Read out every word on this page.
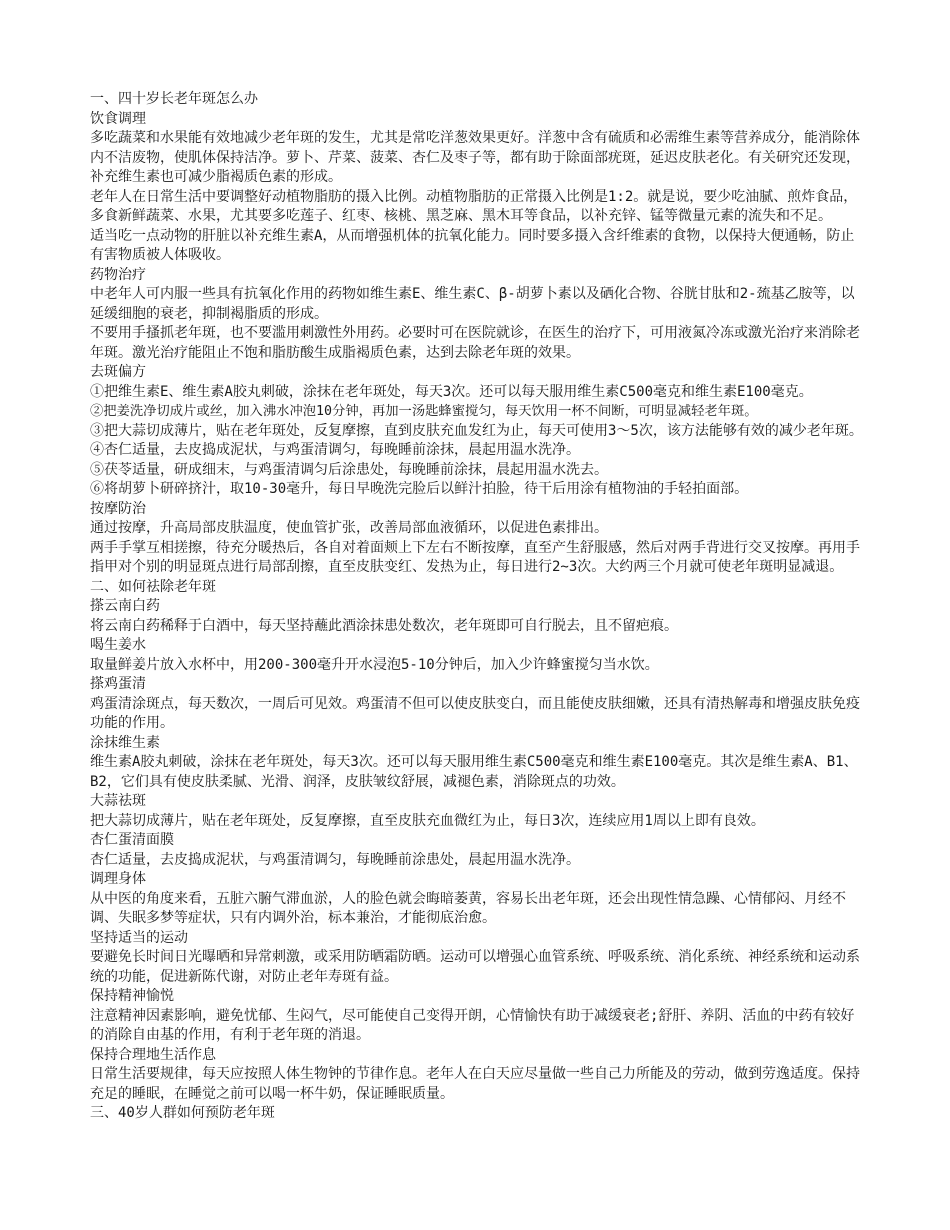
一、四十岁长老年斑怎么办

饮食调理

多吃蔬菜和水果能有效地减少老年斑的发生，尤其是常吃洋葱效果更好。洋葱中含有硫质和必需维生素等营养成分，能消除体内不洁废物，使肌体保持洁净。萝卜、芹菜、菠菜、杏仁及枣子等，都有助于除面部疣斑，延迟皮肤老化。有关研究还发现，补充维生素也可减少脂褐质色素的形成。

老年人在日常生活中要调整好动植物脂肪的摄入比例。动植物脂肪的正常摄入比例是1:2。就是说，要少吃油腻、煎炸食品，多食新鲜蔬菜、水果，尤其要多吃莲子、红枣、核桃、黑芝麻、黑木耳等食品，以补充锌、锰等微量元素的流失和不足。

适当吃一点动物的肝脏以补充维生素A，从而增强机体的抗氧化能力。同时要多摄入含纤维素的食物，以保持大便通畅，防止有害物质被人体吸收。

药物治疗

中老年人可内服一些具有抗氧化作用的药物如维生素E、维生素C、β-胡萝卜素以及硒化合物、谷胱甘肽和2-巯基乙胺等，以延缓细胞的衰老，抑制褐脂质的形成。

不要用手搔抓老年斑，也不要滥用刺激性外用药。必要时可在医院就诊，在医生的治疗下，可用液氮冷冻或激光治疗来消除老年斑。激光治疗能阻止不饱和脂肪酸生成脂褐质色素，达到去除老年斑的效果。

去斑偏方

①把维生素E、维生素A胶丸刺破，涂抹在老年斑处，每天3次。还可以每天服用维生素C500毫克和维生素E100毫克。

②把姜洗净切成片或丝，加入沸水冲泡10分钟，再加一汤匙蜂蜜搅匀，每天饮用一杯不间断，可明显减轻老年斑。

③把大蒜切成薄片，贴在老年斑处，反复摩擦，直到皮肤充血发红为止，每天可使用3～5次，该方法能够有效的减少老年斑。

④杏仁适量，去皮捣成泥状，与鸡蛋清调匀，每晚睡前涂抹，晨起用温水洗净。

⑤茯苓适量，研成细末，与鸡蛋清调匀后涂患处，每晚睡前涂抹，晨起用温水洗去。

⑥将胡萝卜研碎挤汁，取10-30毫升，每日早晚洗完脸后以鲜汁拍脸，待干后用涂有植物油的手轻拍面部。

按摩防治

通过按摩，升高局部皮肤温度，使血管扩张，改善局部血液循环，以促进色素排出。

两手手掌互相搓擦，待充分暖热后，各自对着面颊上下左右不断按摩，直至产生舒服感，然后对两手背进行交叉按摩。再用手指甲对个别的明显斑点进行局部刮擦，直至皮肤变红、发热为止，每日进行2~3次。大约两三个月就可使老年斑明显减退。

二、如何祛除老年斑

搽云南白药

将云南白药稀释于白酒中，每天坚持蘸此酒涂抹患处数次，老年斑即可自行脱去，且不留疤痕。

喝生姜水

取量鲜姜片放入水杯中，用200-300毫升开水浸泡5-10分钟后，加入少许蜂蜜搅匀当水饮。

搽鸡蛋清

鸡蛋清涂斑点，每天数次，一周后可见效。鸡蛋清不但可以使皮肤变白，而且能使皮肤细嫩，还具有清热解毒和增强皮肤免疫功能的作用。

涂抹维生素

维生素A胶丸刺破，涂抹在老年斑处，每天3次。还可以每天服用维生素C500毫克和维生素E100毫克。其次是维生素A、B1、B2，它们具有使皮肤柔腻、光滑、润泽，皮肤皱纹舒展，减褪色素，消除斑点的功效。

大蒜祛斑

把大蒜切成薄片，贴在老年斑处，反复摩擦，直至皮肤充血微红为止，每日3次，连续应用1周以上即有良效。

杏仁蛋清面膜

杏仁适量，去皮捣成泥状，与鸡蛋清调匀，每晚睡前涂患处，晨起用温水洗净。

调理身体

从中医的角度来看，五脏六腑气滞血淤，人的脸色就会晦暗萎黄，容易长出老年斑，还会出现性情急躁、心情郁闷、月经不调、失眠多梦等症状，只有内调外治，标本兼治，才能彻底治愈。

坚持适当的运动

要避免长时间日光曝晒和异常刺激，或采用防晒霜防晒。运动可以增强心血管系统、呼吸系统、消化系统、神经系统和运动系统的功能，促进新陈代谢，对防止老年寿斑有益。

保持精神愉悦

注意精神因素影响，避免忧郁、生闷气，尽可能使自己变得开朗，心情愉快有助于减缓衰老;舒肝、养阴、活血的中药有较好的消除自由基的作用，有利于老年斑的消退。

保持合理地生活作息

日常生活要规律，每天应按照人体生物钟的节律作息。老年人在白天应尽量做一些自己力所能及的劳动，做到劳逸适度。保持充足的睡眠，在睡觉之前可以喝一杯牛奶，保证睡眠质量。

三、40岁人群如何预防老年斑
